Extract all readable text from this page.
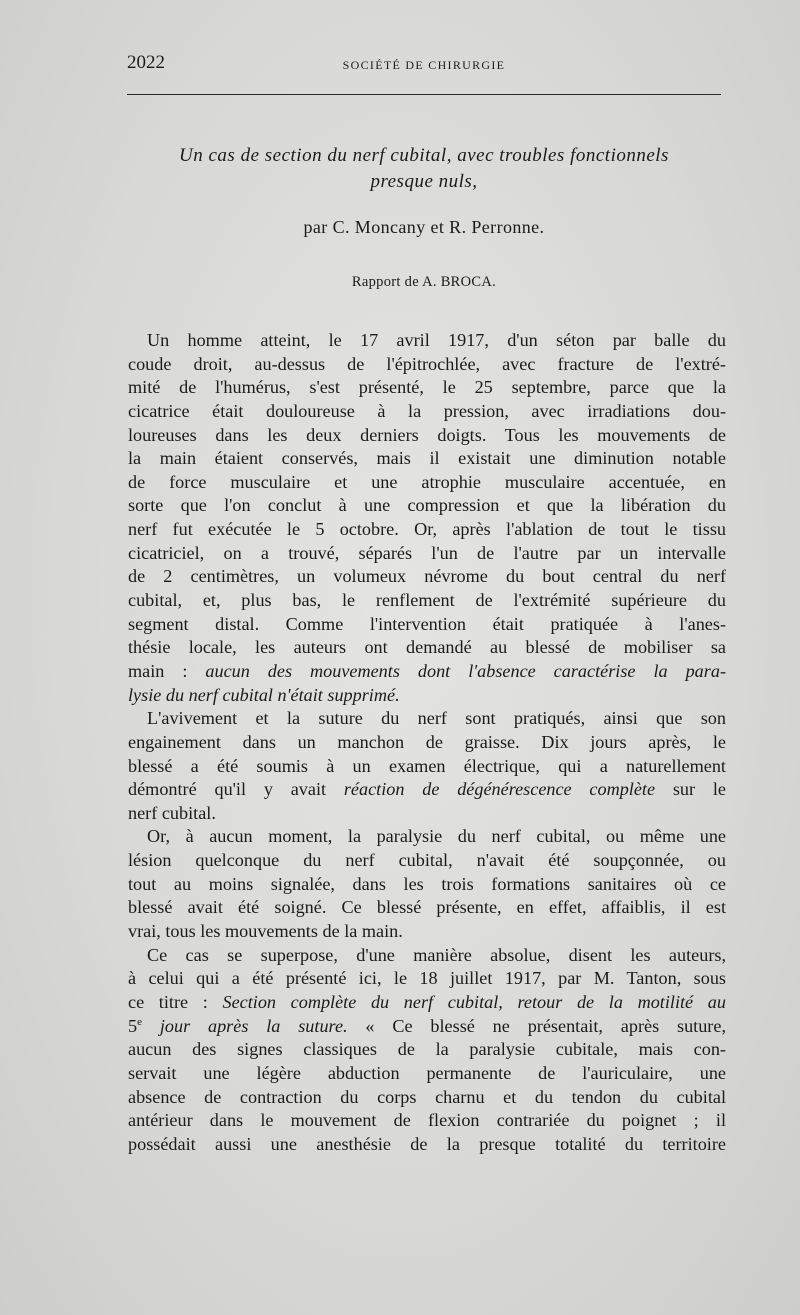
2022	SOCIÉTÉ DE CHIRURGIE
Un cas de section du nerf cubital, avec troubles fonctionnels
presque nuls,
par C. Moncany et R. Perronne.
Rapport de A. BROCA.
Un homme atteint, le 17 avril 1917, d'un séton par balle du
coude droit, au-dessus de l'épitrochlée, avec fracture de l'extré-
mité de l'humérus, s'est présenté, le 25 septembre, parce que la
cicatrice était douloureuse à la pression, avec irradiations dou-
loureuses dans les deux derniers doigts. Tous les mouvements de
la main étaient conservés, mais il existait une diminution notable
de force musculaire et une atrophie musculaire accentuée, en
sorte que l'on conclut à une compression et que la libération du
nerf fut exécutée le 5 octobre. Or, après l'ablation de tout le tissu
cicatriciel, on a trouvé, séparés l'un de l'autre par un intervalle
de 2 centimètres, un volumeux névrome du bout central du nerf
cubital, et, plus bas, le renflement de l'extrémité supérieure du
segment distal. Comme l'intervention était pratiquée à l'anes-
thésie locale, les auteurs ont demandé au blessé de mobiliser sa
main : aucun des mouvements dont l'absence caractérise la para-
lysie du nerf cubital n'était supprimé.
L'avivement et la suture du nerf sont pratiqués, ainsi que son
engainement dans un manchon de graisse. Dix jours après, le
blessé a été soumis à un examen électrique, qui a naturellement
démontré qu'il y avait réaction de dégénérescence complète sur le
nerf cubital.
Or, à aucun moment, la paralysie du nerf cubital, ou même une
lésion quelconque du nerf cubital, n'avait été soupçonnée, ou
tout au moins signalée, dans les trois formations sanitaires où ce
blessé avait été soigné. Ce blessé présente, en effet, affaiblis, il est
vrai, tous les mouvements de la main.
Ce cas se superpose, d'une manière absolue, disent les auteurs,
à celui qui a été présenté ici, le 18 juillet 1917, par M. Tanton, sous
ce titre : Section complète du nerf cubital, retour de la motilité au
5e jour après la suture. « Ce blessé ne présentait, après suture,
aucun des signes classiques de la paralysie cubitale, mais con-
servait une légère abduction permanente de l'auriculaire, une
absence de contraction du corps charnu et du tendon du cubital
antérieur dans le mouvement de flexion contrariée du poignet ; il
possédait aussi une anesthésie de la presque totalité du territoire
